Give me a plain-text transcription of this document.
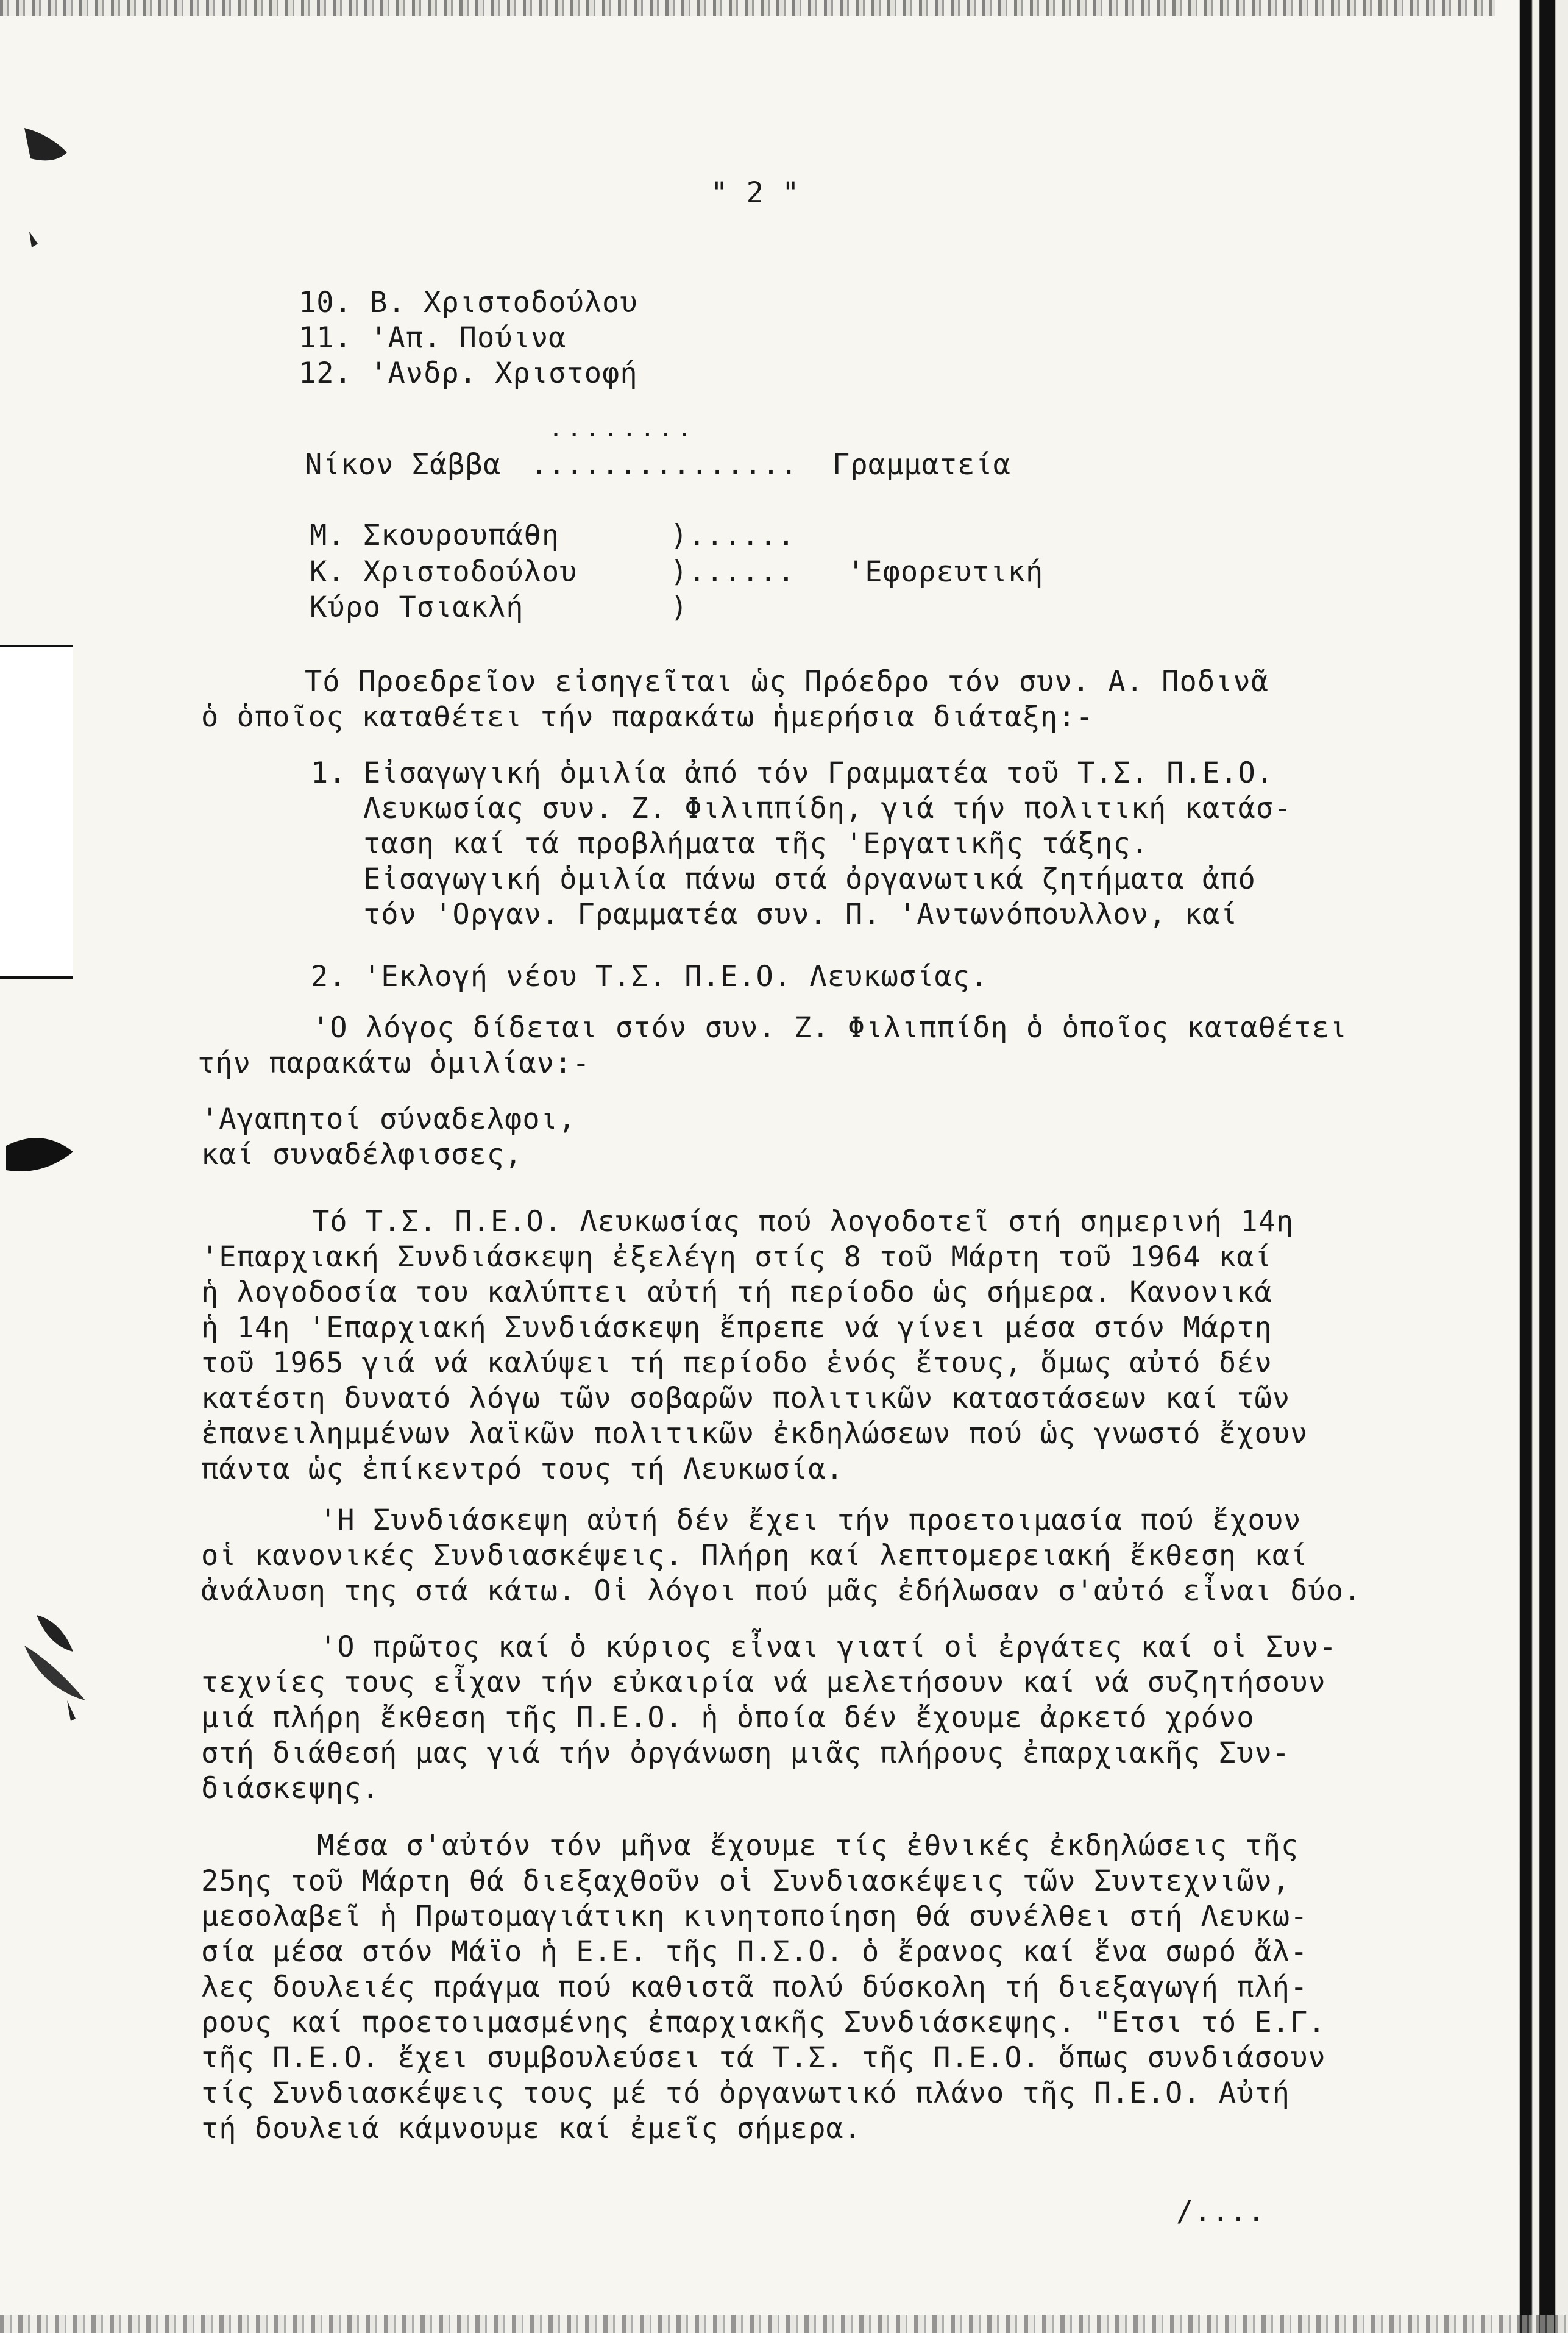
" 2 "
10. Β. Χριστοδούλου
11. 'Απ. Πούινα
12. 'Ανδρ. Χριστοφή
........
Νίκον Σάββα ............... Γραμματεία
Μ. Σκουρουπάθη
Κ. Χριστοδούλου
Κύρο Τσιακλή
)......
)......
)
'Εφορευτική
Τό Προεδρεῖον εἰσηγεῖται ὡς Πρόεδρο τόν συν. Α. Ποδινᾶ
ὁ ὁποῖος καταθέτει τήν παρακάτω ἡμερήσια διάταξη:-
1. Εἰσαγωγική ὁμιλία ἀπό τόν Γραμματέα τοῦ Τ.Σ. Π.Ε.Ο.
Λευκωσίας συν. Ζ. Φιλιππίδη, γιά τήν πολιτική κατάσ-
ταση καί τά προβλήματα τῆς 'Εργατικῆς τάξης.
Εἰσαγωγική ὁμιλία πάνω στά ὀργανωτικά ζητήματα ἀπό
τόν 'Οργαν. Γραμματέα συν. Π. 'Αντωνόπουλλον, καί
2. 'Εκλογή νέου Τ.Σ. Π.Ε.Ο. Λευκωσίας.
'Ο λόγος δίδεται στόν συν. Ζ. Φιλιππίδη ὁ ὁποῖος καταθέτει
τήν παρακάτω ὁμιλίαν:-
'Αγαπητοί σύναδελφοι,
καί συναδέλφισσες,
Τό Τ.Σ. Π.Ε.Ο. Λευκωσίας πού λογοδοτεῖ στή σημερινή 14η
'Επαρχιακή Συνδιάσκεψη ἐξελέγη στίς 8 τοῦ Μάρτη τοῦ 1964 καί
ἡ λογοδοσία του καλύπτει αὐτή τή περίοδο ὡς σήμερα. Κανονικά
ἡ 14η 'Επαρχιακή Συνδιάσκεψη ἔπρεπε νά γίνει μέσα στόν Μάρτη
τοῦ 1965 γιά νά καλύψει τή περίοδο ἑνός ἔτους, ὅμως αὐτό δέν
κατέστη δυνατό λόγω τῶν σοβαρῶν πολιτικῶν καταστάσεων καί τῶν
ἐπανειλημμένων λαϊκῶν πολιτικῶν ἐκδηλώσεων πού ὡς γνωστό ἔχουν
πάντα ὡς ἐπίκεντρό τους τή Λευκωσία.
'Η Συνδιάσκεψη αὐτή δέν ἔχει τήν προετοιμασία πού ἔχουν
οἱ κανονικές Συνδιασκέψεις. Πλήρη καί λεπτομερειακή ἔκθεση καί
ἀνάλυση της στά κάτω. Οἱ λόγοι πού μᾶς ἐδήλωσαν σ'αὐτό εἶναι δύο.
'Ο πρῶτος καί ὁ κύριος εἶναι γιατί οἱ ἐργάτες καί οἱ Συν-
τεχνίες τους εἶχαν τήν εὐκαιρία νά μελετήσουν καί νά συζητήσουν
μιά πλήρη ἔκθεση τῆς Π.Ε.Ο. ἡ ὁποία δέν ἔχουμε ἀρκετό χρόνο
στή διάθεσή μας γιά τήν ὀργάνωση μιᾶς πλήρους ἐπαρχιακῆς Συν-
διάσκεψης.
Μέσα σ'αὐτόν τόν μῆνα ἔχουμε τίς ἐθνικές ἐκδηλώσεις τῆς
25ης τοῦ Μάρτη θά διεξαχθοῦν οἱ Συνδιασκέψεις τῶν Συντεχνιῶν,
μεσολαβεῖ ἡ Πρωτομαγιάτικη κινητοποίηση θά συνέλθει στή Λευκω-
σία μέσα στόν Μάϊο ἡ Ε.Ε. τῆς Π.Σ.Ο. ὁ ἔρανος καί ἕνα σωρό ἄλ-
λες δουλειές πράγμα πού καθιστᾶ πολύ δύσκολη τή διεξαγωγή πλή-
ρους καί προετοιμασμένης ἐπαρχιακῆς Συνδιάσκεψης. "Ετσι τό Ε.Γ.
τῆς Π.Ε.Ο. ἔχει συμβουλεύσει τά Τ.Σ. τῆς Π.Ε.Ο. ὅπως συνδιάσουν
τίς Συνδιασκέψεις τους μέ τό ὀργανωτικό πλάνο τῆς Π.Ε.Ο. Αὐτή
τή δουλειά κάμνουμε καί ἐμεῖς σήμερα.
/....
